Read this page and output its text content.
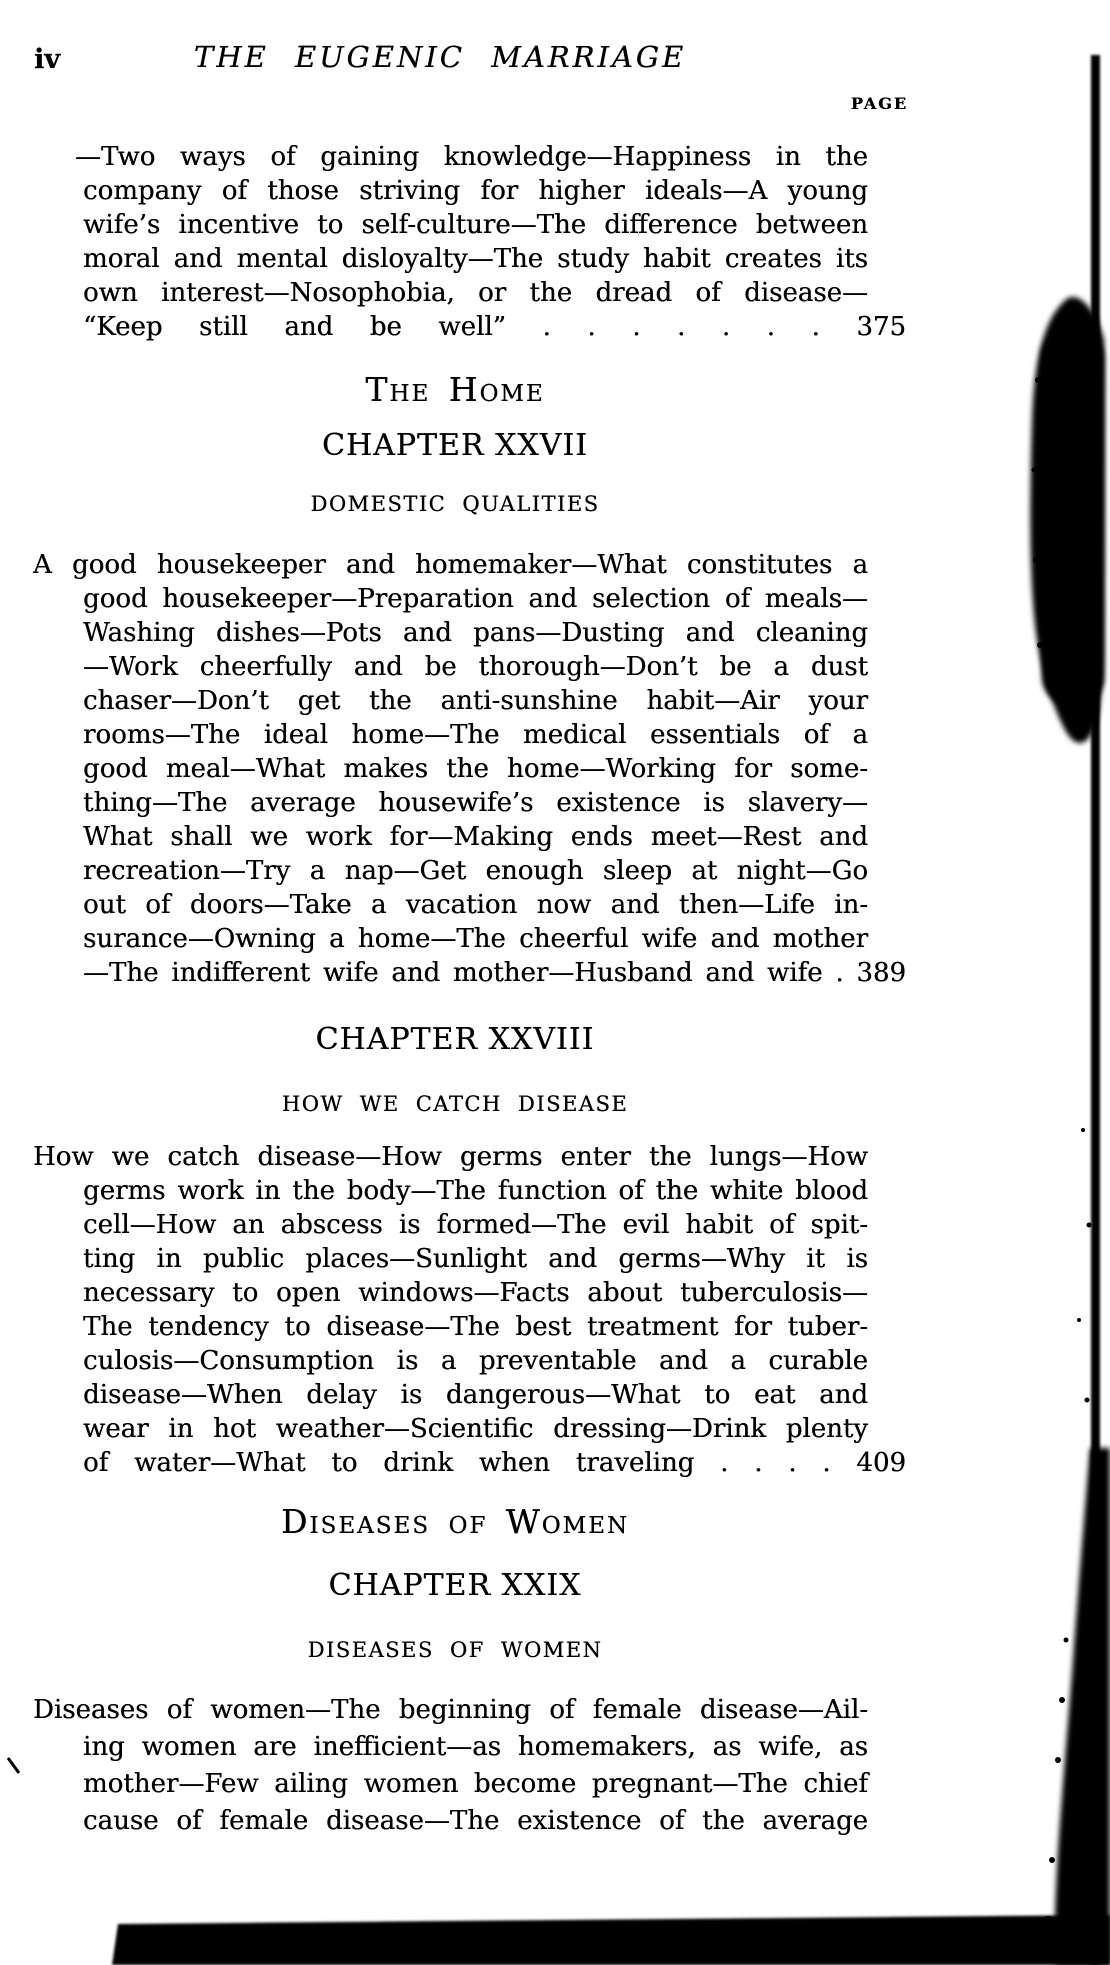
iv	THE EUGENIC MARRIAGE
PAGE
—Two ways of gaining knowledge—Happiness in the
company of those striving for higher ideals—A young
wife’s incentive to self-culture—The difference between
moral and mental disloyalty—The study habit creates its
own interest—Nosophobia, or the dread of disease—
“Keep still and be well” . . . . . . . 375
The Home
CHAPTER XXVII
DOMESTIC QUALITIES
A good housekeeper and homemaker—What constitutes a
good housekeeper—Preparation and selection of meals—
Washing dishes—Pots and pans—Dusting and cleaning
—Work cheerfully and be thorough—Don’t be a dust
chaser—Don’t get the anti-sunshine habit—Air your
rooms—The ideal home—The medical essentials of a
good meal—What makes the home—Working for some-
thing—The average housewife’s existence is slavery—
What shall we work for—Making ends meet—Rest and
recreation—Try a nap—Get enough sleep at night—Go
out of doors—Take a vacation now and then—Life in-
surance—Owning a home—The cheerful wife and mother
—The indifferent wife and mother—Husband and wife . 389
CHAPTER XXVIII
HOW WE CATCH DISEASE
How we catch disease—How germs enter the lungs—How
germs work in the body—The function of the white blood
cell—How an abscess is formed—The evil habit of spit-
ting in public places—Sunlight and germs—Why it is
necessary to open windows—Facts about tuberculosis—
The tendency to disease—The best treatment for tuber-
culosis—Consumption is a preventable and a curable
disease—When delay is dangerous—What to eat and
wear in hot weather—Scientific dressing—Drink plenty
of water—What to drink when traveling . . . . 409
Diseases of Women
CHAPTER XXIX
DISEASES OF WOMEN
Diseases of women—The beginning of female disease—Ail-
ing women are inefficient—as homemakers, as wife, as
mother—Few ailing women become pregnant—The chief
cause of female disease—The existence of the average
